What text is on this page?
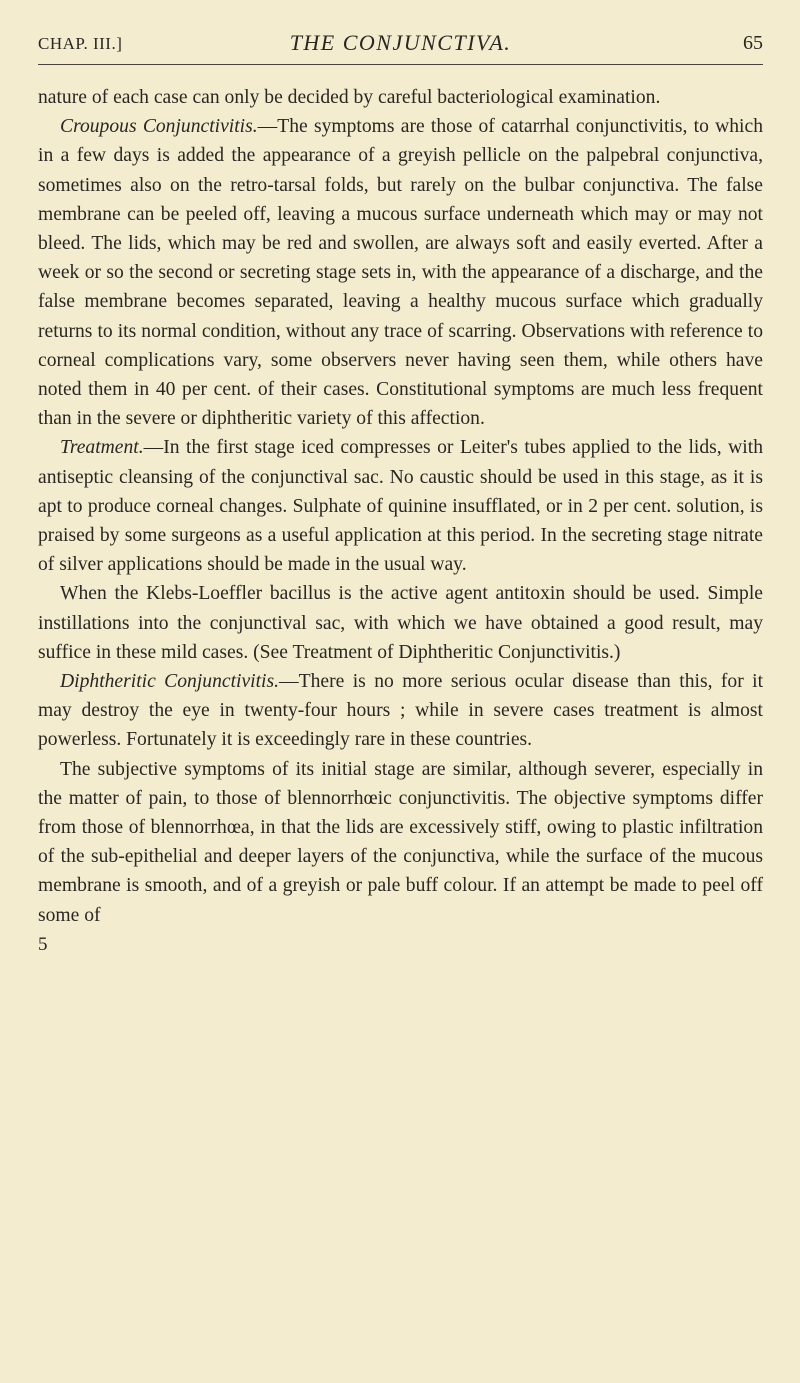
CHAP. III.]	THE CONJUNCTIVA.	65

nature of each case can only be decided by careful bacteriological examination.

Croupous Conjunctivitis.—The symptoms are those of catarrhal conjunctivitis, to which in a few days is added the appearance of a greyish pellicle on the palpebral conjunctiva, sometimes also on the retro-tarsal folds, but rarely on the bulbar conjunctiva. The false membrane can be peeled off, leaving a mucous surface underneath which may or may not bleed. The lids, which may be red and swollen, are always soft and easily everted. After a week or so the second or secreting stage sets in, with the appearance of a discharge, and the false membrane becomes separated, leaving a healthy mucous surface which gradually returns to its normal condition, without any trace of scarring. Observations with reference to corneal complications vary, some observers never having seen them, while others have noted them in 40 per cent. of their cases. Constitutional symptoms are much less frequent than in the severe or diphtheritic variety of this affection.

Treatment.—In the first stage iced compresses or Leiter's tubes applied to the lids, with antiseptic cleansing of the conjunctival sac. No caustic should be used in this stage, as it is apt to produce corneal changes. Sulphate of quinine insufflated, or in 2 per cent. solution, is praised by some surgeons as a useful application at this period. In the secreting stage nitrate of silver applications should be made in the usual way.

When the Klebs-Loeffler bacillus is the active agent antitoxin should be used. Simple instillations into the conjunctival sac, with which we have obtained a good result, may suffice in these mild cases. (See Treatment of Diphtheritic Conjunctivitis.)

Diphtheritic Conjunctivitis.—There is no more serious ocular disease than this, for it may destroy the eye in twenty-four hours ; while in severe cases treatment is almost powerless. Fortunately it is exceedingly rare in these countries.

The subjective symptoms of its initial stage are similar, although severer, especially in the matter of pain, to those of blennorrhœic conjunctivitis. The objective symptoms differ from those of blennorrhœa, in that the lids are excessively stiff, owing to plastic infiltration of the sub-epithelial and deeper layers of the conjunctiva, while the surface of the mucous membrane is smooth, and of a greyish or pale buff colour. If an attempt be made to peel off some of

5
